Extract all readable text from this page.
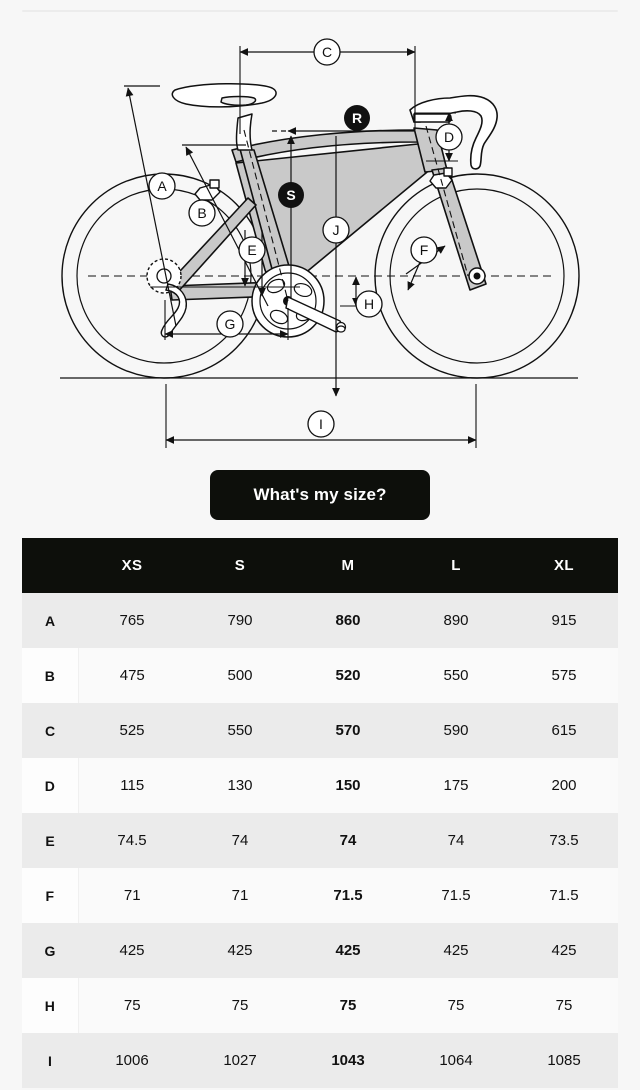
A
B
C
D
E	F
G
H
I
J
R
S
What's my size?
	XS	S	M	L	XL
A	765	790	860	890	915
B	475	500	520	550	575
C	525	550	570	590	615
D	115	130	150	175	200
E	74.5	74	74	74	73.5
F	71	71	71.5	71.5	71.5
G	425	425	425	425	425
H	75	75	75	75	75
I	1006	1027	1043	1064	1085
